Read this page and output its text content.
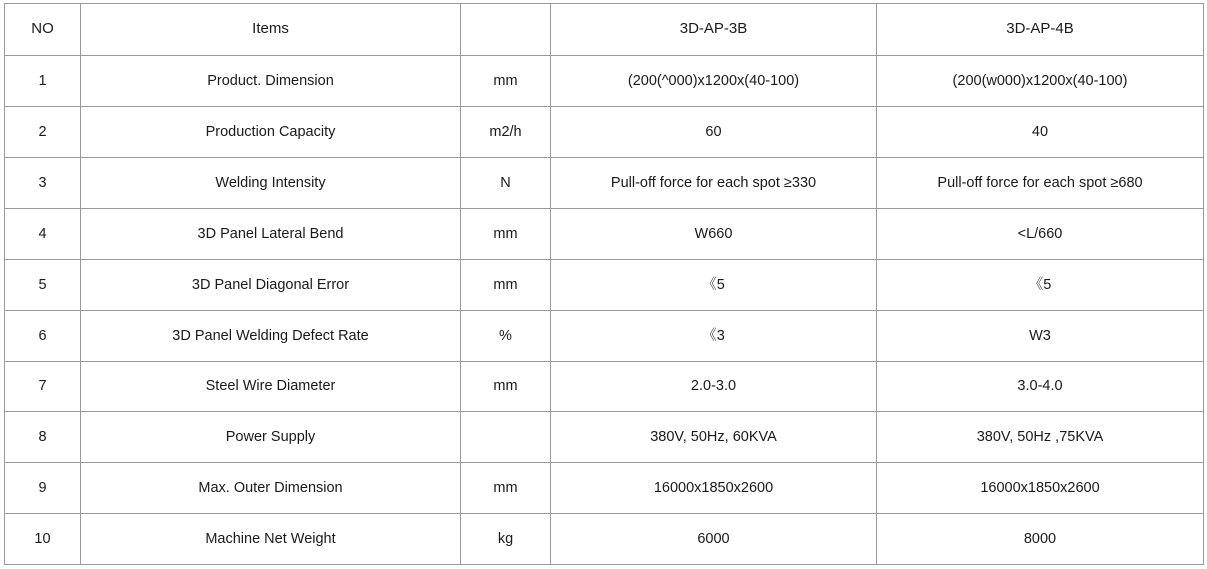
NO	Items		3D-AP-3B	3D-AP-4B
1	Product. Dimension	mm	(200(^000)x1200x(40-100)	(200(w000)x1200x(40-100)
2	Production Capacity	m2/h	60	40
3	Welding Intensity	N	Pull-off force for each spot ≥330	Pull-off force for each spot ≥680
4	3D Panel Lateral Bend	mm	W660	<L/660
5	3D Panel Diagonal Error	mm	《5	《5
6	3D Panel Welding Defect Rate	%	《3	W3
7	Steel Wire Diameter	mm	2.0-3.0	3.0-4.0
8	Power Supply		380V, 50Hz, 60KVA	380V, 50Hz ,75KVA
9	Max. Outer Dimension	mm	16000x1850x2600	16000x1850x2600
10	Machine Net Weight	kg	6000	8000
